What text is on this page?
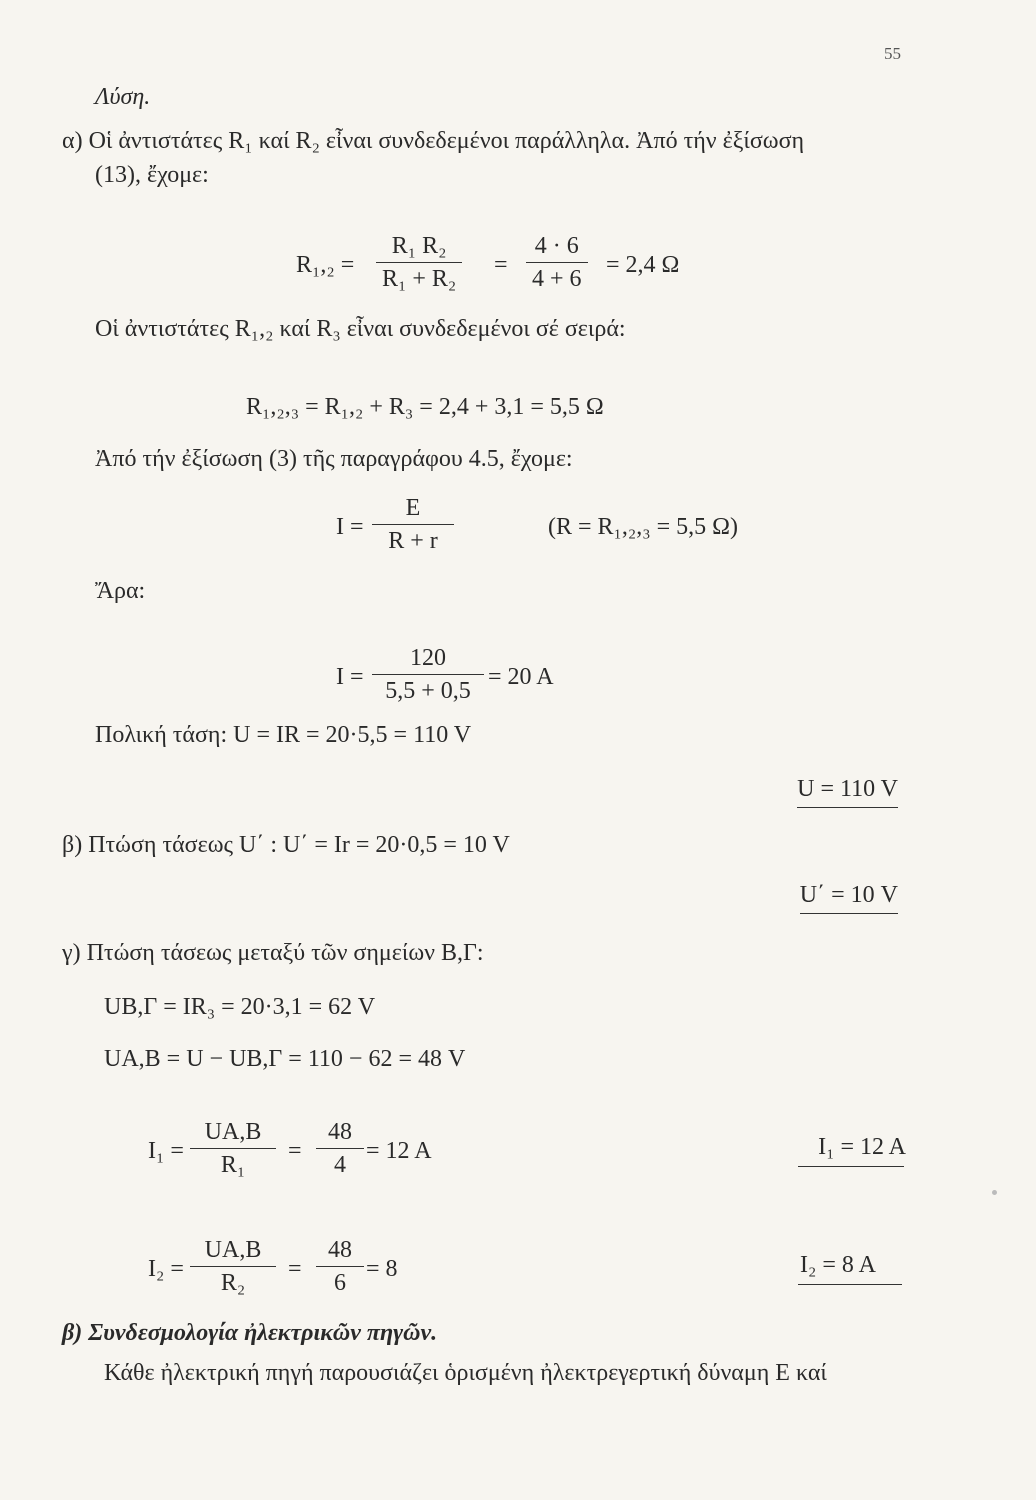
55
Λύση.
α) Οἱ ἀντιστάτες R₁ καί R₂ εἶναι συνδεδεμένοι παράλληλα. Ἀπό τήν ἐξίσωση
(13), ἔχομε:
R₁,₂ =
R₁ R₂
R₁ + R₂
=
4 · 6
4 + 6
= 2,4 Ω
Οἱ ἀντιστάτες R₁,₂ καί R₃ εἶναι συνδεδεμένοι σέ σειρά:
R₁,₂,₃ = R₁,₂ + R₃ = 2,4 + 3,1 = 5,5 Ω
Ἀπό τήν ἐξίσωση (3) τῆς παραγράφου 4.5, ἔχομε:
I =
E
R + r
(R = R₁,₂,₃ = 5,5 Ω)
Ἄρα:
I =
120
5,5 + 0,5
= 20 A
Πολική τάση: U = IR = 20·5,5 = 110 V
U = 110 V
β) Πτώση τάσεως U΄ : U΄ = Ir = 20·0,5 = 10 V
U΄ = 10 V
γ) Πτώση τάσεως μεταξύ τῶν σημείων Β,Γ:
UΒ,Γ = IR₃ = 20·3,1 = 62 V
UΑ,Β = U − UΒ,Γ = 110 − 62 = 48 V
I₁ =
UΑ,Β
R₁
=
48
4
= 12 A	I₁ = 12 A
I₂ =
UΑ,Β
R₂
=
48
6
= 8	I₂ = 8 A
β) Συνδεσμολογία ἠλεκτρικῶν πηγῶν.
Κάθε ἠλεκτρική πηγή παρουσιάζει ὁρισμένη ἠλεκτρεγερτική δύναμη E καί
